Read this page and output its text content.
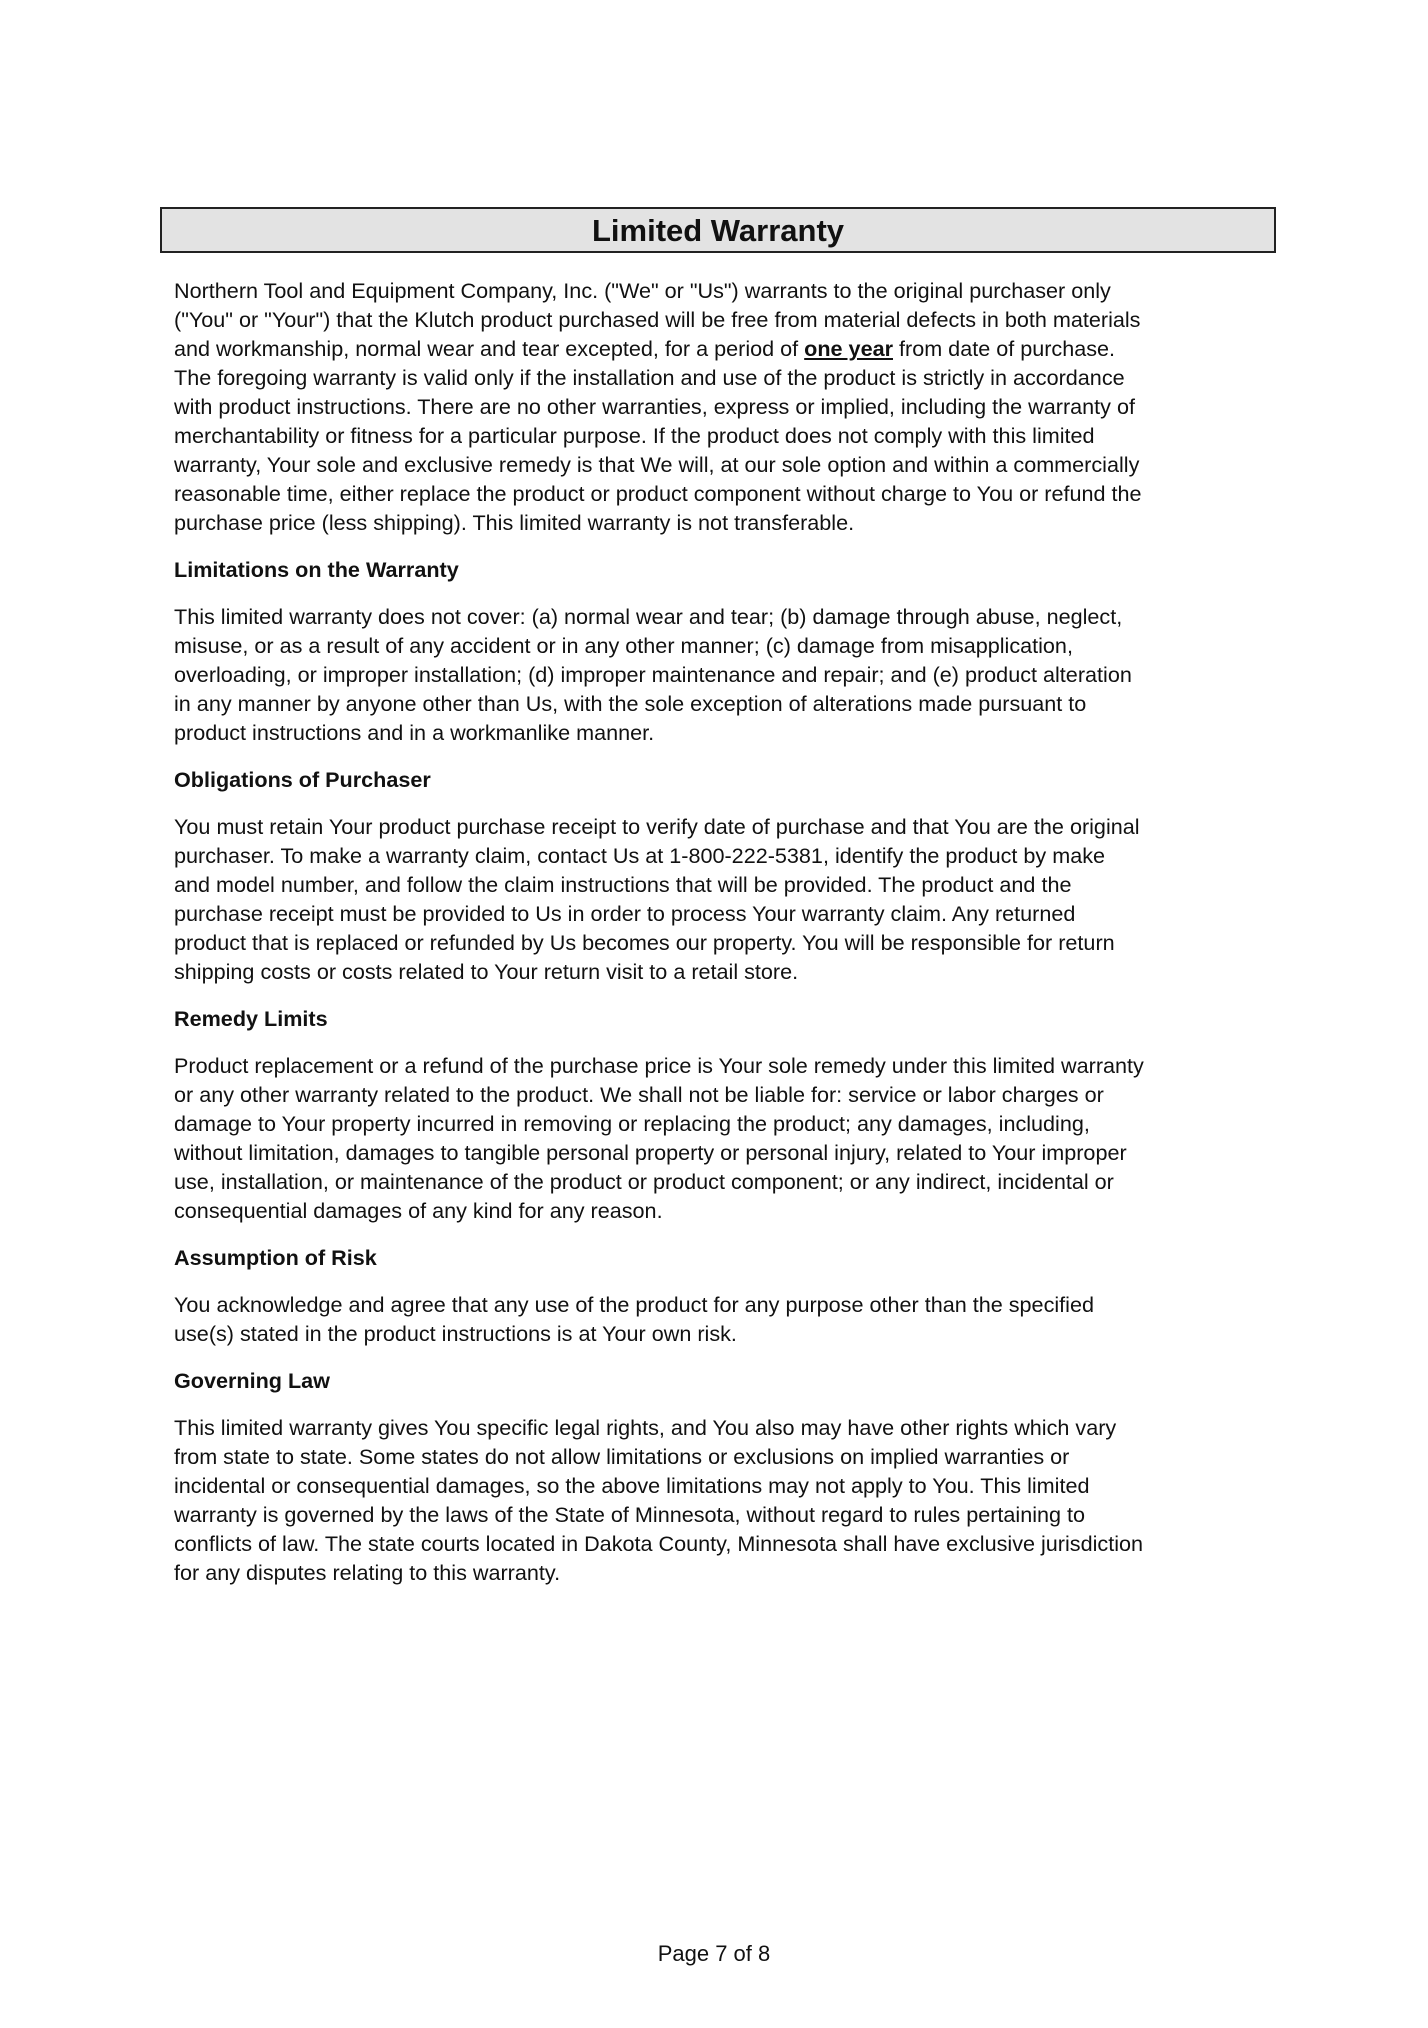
Limited Warranty

Northern Tool and Equipment Company, Inc. ("We" or "Us") warrants to the original purchaser only

("You" or "Your") that the Klutch product purchased will be free from material defects in both materials

and workmanship, normal wear and tear excepted, for a period of one year from date of purchase.

The foregoing warranty is valid only if the installation and use of the product is strictly in accordance

with product instructions. There are no other warranties, express or implied, including the warranty of

merchantability or fitness for a particular purpose. If the product does not comply with this limited

warranty, Your sole and exclusive remedy is that We will, at our sole option and within a commercially

reasonable time, either replace the product or product component without charge to You or refund the

purchase price (less shipping). This limited warranty is not transferable.

Limitations on the Warranty

This limited warranty does not cover: (a) normal wear and tear; (b) damage through abuse, neglect,

misuse, or as a result of any accident or in any other manner; (c) damage from misapplication,

overloading, or improper installation; (d) improper maintenance and repair; and (e) product alteration

in any manner by anyone other than Us, with the sole exception of alterations made pursuant to

product instructions and in a workmanlike manner.

Obligations of Purchaser

You must retain Your product purchase receipt to verify date of purchase and that You are the original

purchaser. To make a warranty claim, contact Us at 1-800-222-5381, identify the product by make

and model number, and follow the claim instructions that will be provided. The product and the

purchase receipt must be provided to Us in order to process Your warranty claim. Any returned

product that is replaced or refunded by Us becomes our property. You will be responsible for return

shipping costs or costs related to Your return visit to a retail store.

Remedy Limits

Product replacement or a refund of the purchase price is Your sole remedy under this limited warranty

or any other warranty related to the product. We shall not be liable for: service or labor charges or

damage to Your property incurred in removing or replacing the product; any damages, including,

without limitation, damages to tangible personal property or personal injury, related to Your improper

use, installation, or maintenance of the product or product component; or any indirect, incidental or

consequential damages of any kind for any reason.

Assumption of Risk

You acknowledge and agree that any use of the product for any purpose other than the specified

use(s) stated in the product instructions is at Your own risk.

Governing Law

This limited warranty gives You specific legal rights, and You also may have other rights which vary

from state to state. Some states do not allow limitations or exclusions on implied warranties or

incidental or consequential damages, so the above limitations may not apply to You. This limited

warranty is governed by the laws of the State of Minnesota, without regard to rules pertaining to

conflicts of law. The state courts located in Dakota County, Minnesota shall have exclusive jurisdiction

for any disputes relating to this warranty.

Page 7 of 8
